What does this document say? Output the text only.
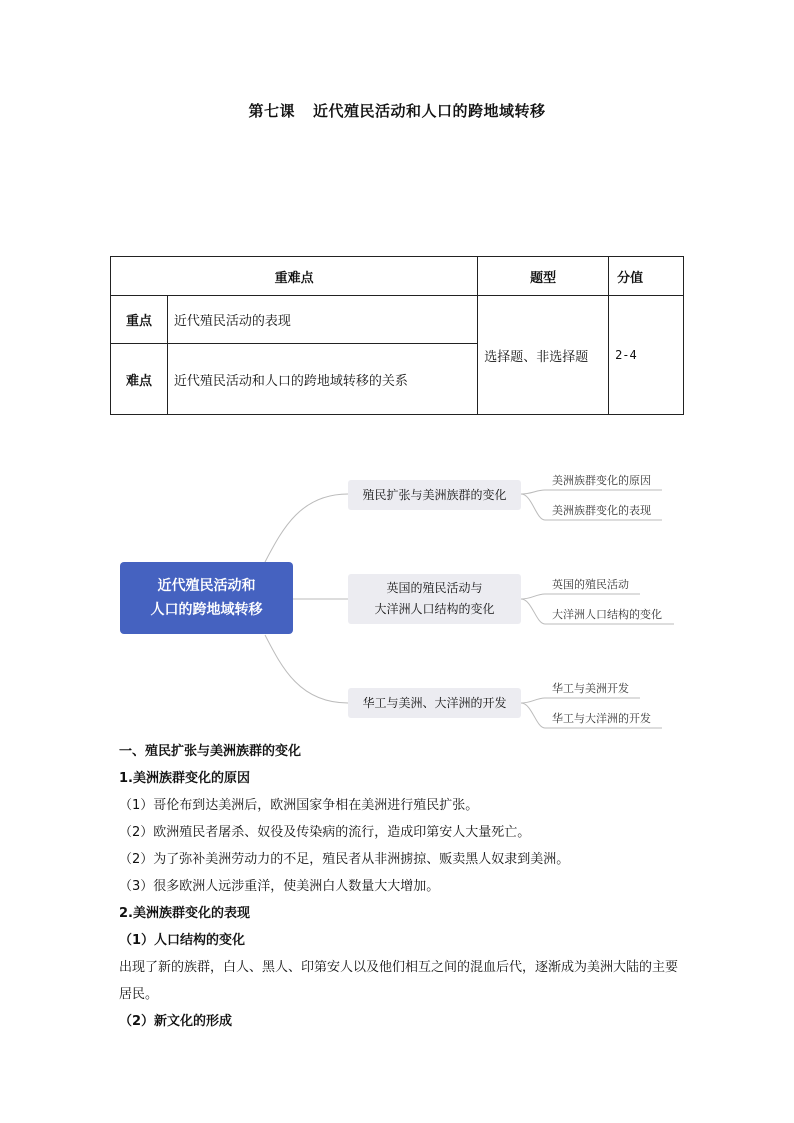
第七课 近代殖民活动和人口的跨地域转移
重难点		题型	分值
重点	近代殖民活动的表现	选择题、非选择题	2-4
难点	近代殖民活动和人口的跨地域转移的关系		
近代殖民活动和
人口的跨地域转移
殖民扩张与美洲族群的变化
英国的殖民活动与
大洋洲人口结构的变化
华工与美洲、大洋洲的开发
美洲族群变化的原因
美洲族群变化的表现
英国的殖民活动
大洋洲人口结构的变化
华工与美洲开发
华工与大洋洲的开发

一、殖民扩张与美洲族群的变化

1.美洲族群变化的原因

（1）哥伦布到达美洲后，欧洲国家争相在美洲进行殖民扩张。

（2）欧洲殖民者屠杀、奴役及传染病的流行，造成印第安人大量死亡。

（2）为了弥补美洲劳动力的不足，殖民者从非洲掳掠、贩卖黑人奴隶到美洲。

（3）很多欧洲人远涉重洋，使美洲白人数量大大增加。

2.美洲族群变化的表现

（1）人口结构的变化

出现了新的族群，白人、黑人、印第安人以及他们相互之间的混血后代，逐渐成为美洲大陆的主要居民。

（2）新文化的形成
